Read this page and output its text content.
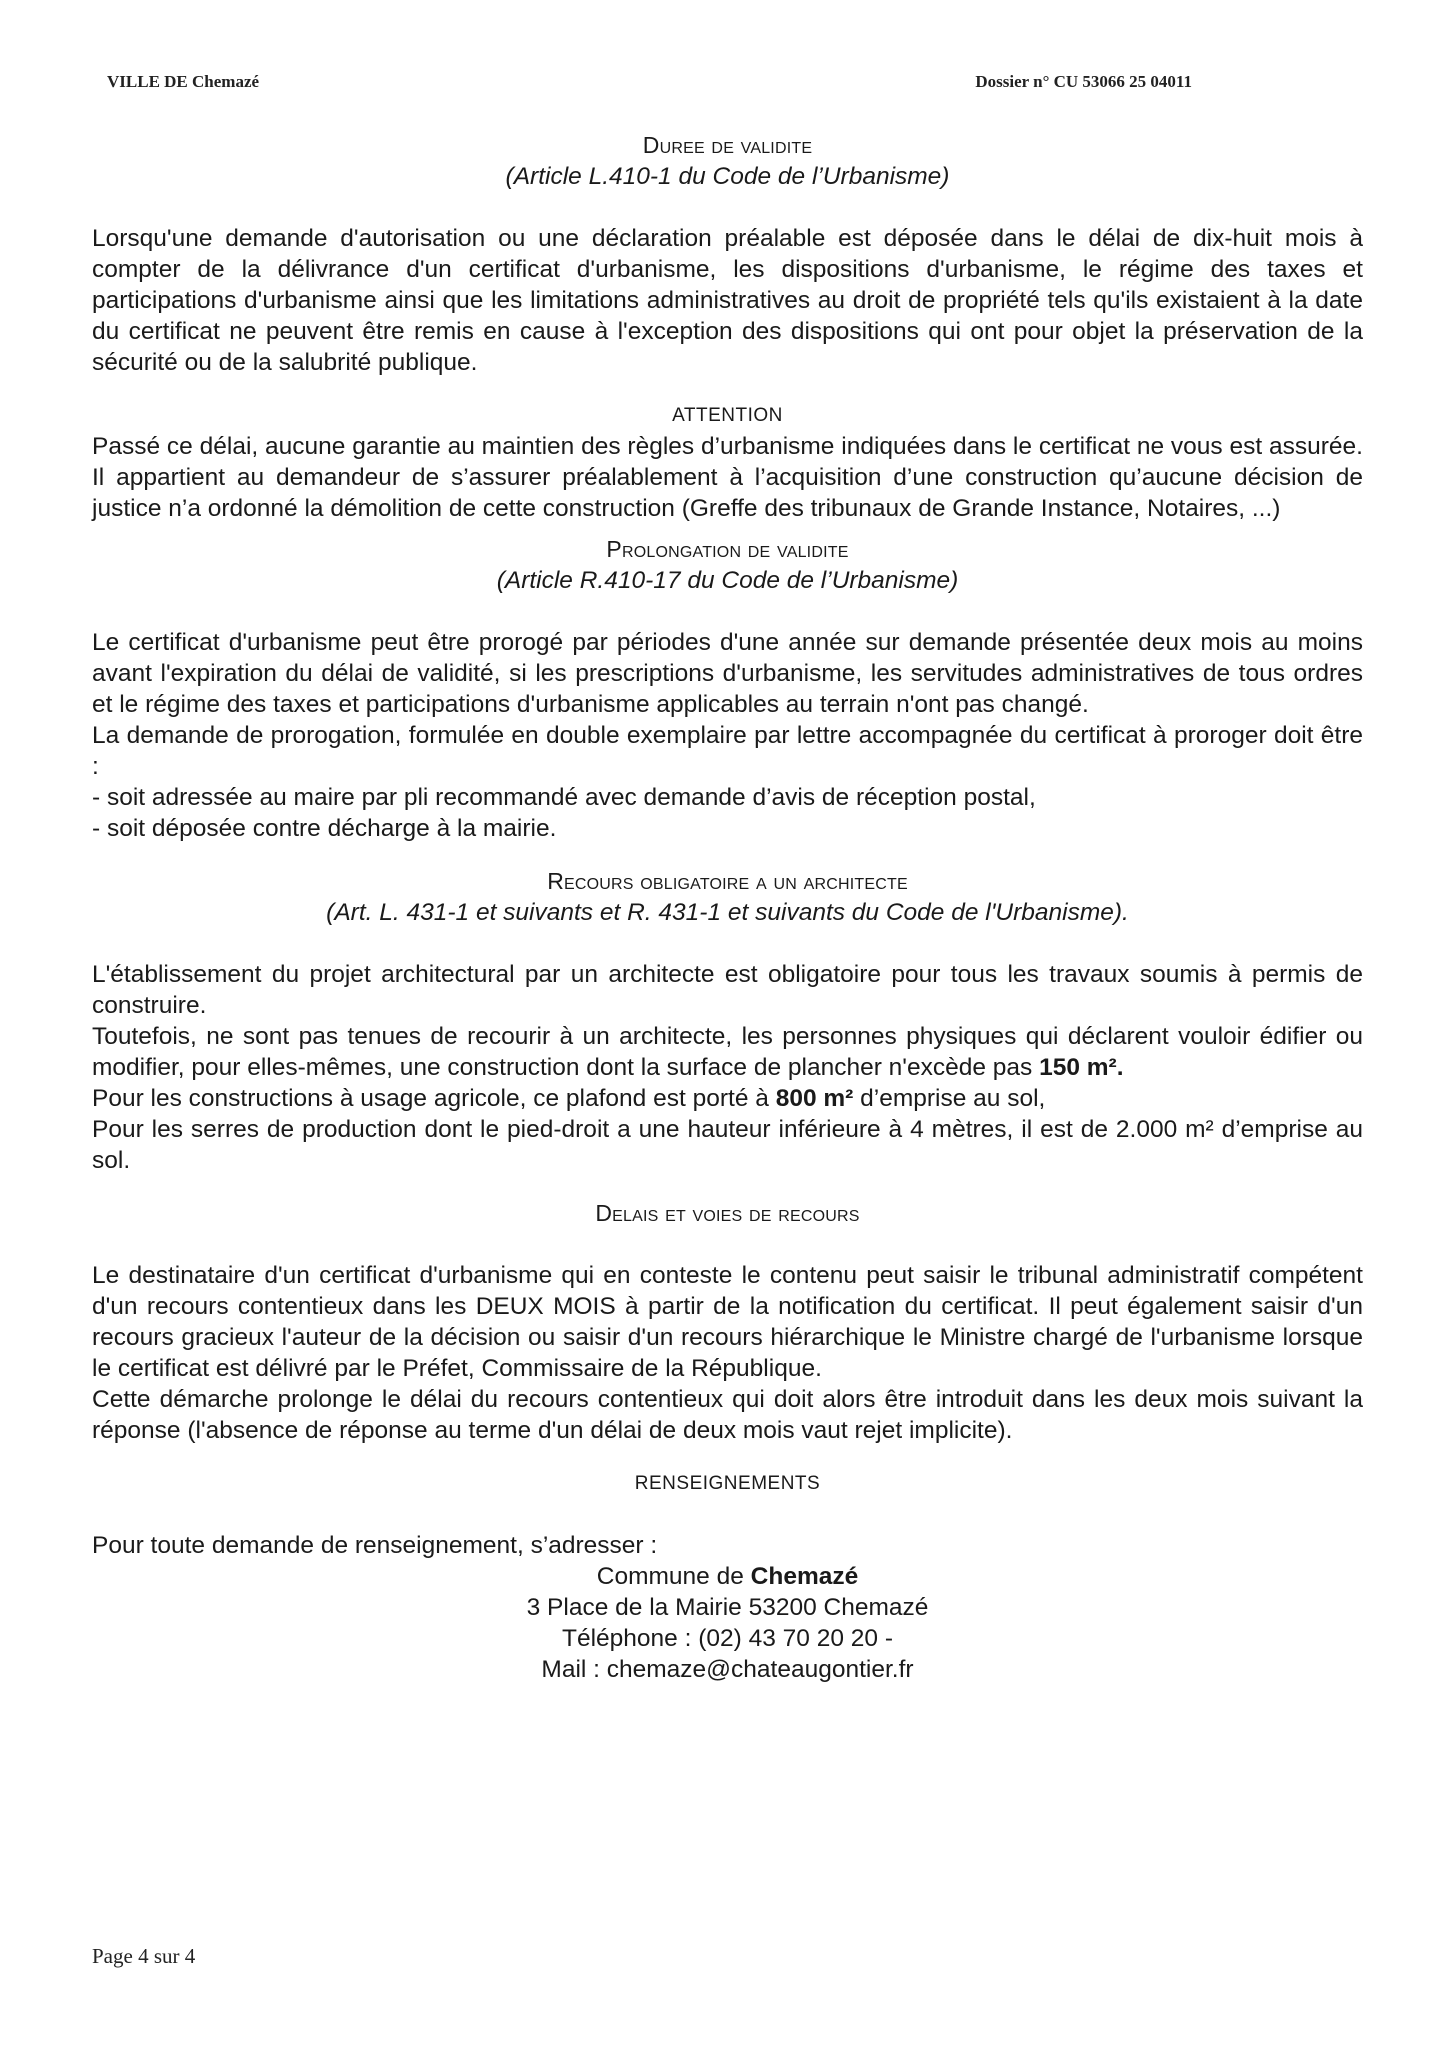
VILLE DE Chemazé	Dossier n° CU 53066 25 04011
Duree de validite
(Article L.410-1 du Code de l’Urbanisme)

Lorsqu'une demande d'autorisation ou une déclaration préalable est déposée dans le délai de dix-huit mois à compter de la délivrance d'un certificat d'urbanisme, les dispositions d'urbanisme, le régime des taxes et participations d'urbanisme ainsi que les limitations administratives au droit de propriété tels qu'ils existaient à la date du certificat ne peuvent être remis en cause à l'exception des dispositions qui ont pour objet la préservation de la sécurité ou de la salubrité publique.

ATTENTION

Passé ce délai, aucune garantie au maintien des règles d’urbanisme indiquées dans le certificat ne vous est assurée. Il appartient au demandeur de s’assurer préalablement à l’acquisition d’une construction qu’aucune décision de justice n’a ordonné la démolition de cette construction (Greffe des tribunaux de Grande Instance, Notaires, ...)

Prolongation de validite
(Article R.410-17 du Code de l’Urbanisme)

Le certificat d'urbanisme peut être prorogé par périodes d'une année sur demande présentée deux mois au moins avant l'expiration du délai de validité, si les prescriptions d'urbanisme, les servitudes administratives de tous ordres et le régime des taxes et participations d'urbanisme applicables au terrain n'ont pas changé.

La demande de prorogation, formulée en double exemplaire par lettre accompagnée du certificat à proroger doit être :

- soit adressée au maire par pli recommandé avec demande d’avis de réception postal,

- soit déposée contre décharge à la mairie.

Recours obligatoire a un architecte
(Art. L. 431-1 et suivants et R. 431-1 et suivants du Code de l'Urbanisme).

L'établissement du projet architectural par un architecte est obligatoire pour tous les travaux soumis à permis de construire.

Toutefois, ne sont pas tenues de recourir à un architecte, les personnes physiques qui déclarent vouloir édifier ou modifier, pour elles-mêmes, une construction dont la surface de plancher n'excède pas 150 m².

Pour les constructions à usage agricole, ce plafond est porté à 800 m² d’emprise au sol,

Pour les serres de production dont le pied-droit a une hauteur inférieure à 4 mètres, il est de 2.000 m² d’emprise au sol.

Delais et voies de recours

Le destinataire d'un certificat d'urbanisme qui en conteste le contenu peut saisir le tribunal administratif compétent d'un recours contentieux dans les DEUX MOIS à partir de la notification du certificat. Il peut également saisir d'un recours gracieux l'auteur de la décision ou saisir d'un recours hiérarchique le Ministre chargé de l'urbanisme lorsque le certificat est délivré par le Préfet, Commissaire de la République.

Cette démarche prolonge le délai du recours contentieux qui doit alors être introduit dans les deux mois suivant la réponse (l'absence de réponse au terme d'un délai de deux mois vaut rejet implicite).

RENSEIGNEMENTS

Pour toute demande de renseignement, s’adresser :

Commune de Chemazé
3 Place de la Mairie 53200 Chemazé
Téléphone : (02) 43 70 20 20 -
Mail : chemaze@chateaugontier.fr
Page 4 sur 4
